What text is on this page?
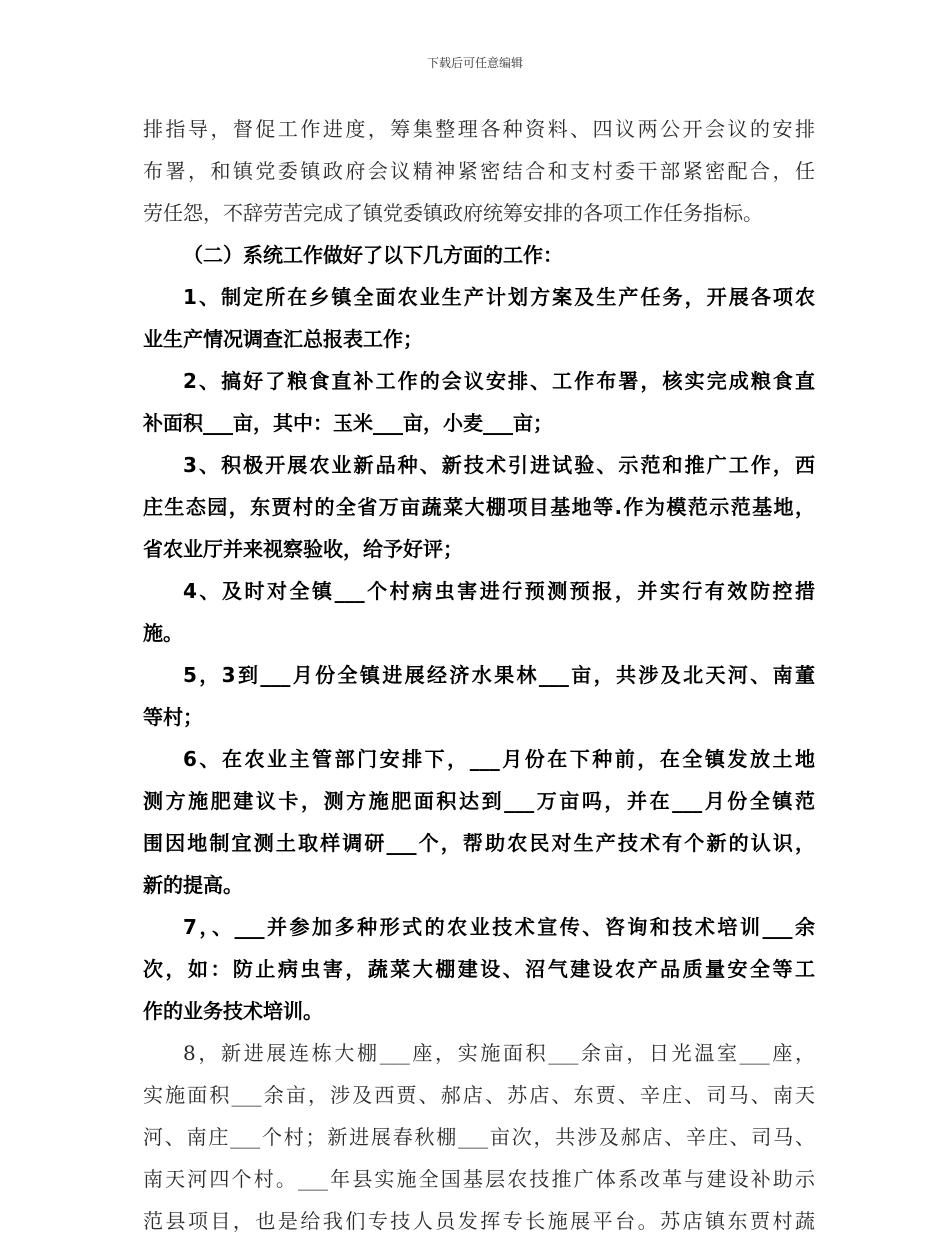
下载后可任意编辑
排指导，督促工作进度，筹集整理各种资料、四议两公开会议的安排
布署，和镇党委镇政府会议精神紧密结合和支村委干部紧密配合，任
劳任怨，不辞劳苦完成了镇党委镇政府统筹安排的各项工作任务指标。
（二）系统工作做好了以下几方面的工作：
1、制定所在乡镇全面农业生产计划方案及生产任务，开展各项农
业生产情况调查汇总报表工作；
2、搞好了粮食直补工作的会议安排、工作布署，核实完成粮食直
补面积___亩，其中：玉米___亩，小麦___亩；
3、积极开展农业新品种、新技术引进试验、示范和推广工作，西
庄生态园，东贾村的全省万亩蔬菜大棚项目基地等.作为模范示范基地，
省农业厅并来视察验收，给予好评；
4、及时对全镇___个村病虫害进行预测预报，并实行有效防控措
施。
5，3到___月份全镇进展经济水果林___亩，共涉及北天河、南董
等村；
6、在农业主管部门安排下，___月份在下种前，在全镇发放土地
测方施肥建议卡，测方施肥面积达到___万亩吗，并在___月份全镇范
围因地制宜测土取样调研___个，帮助农民对生产技术有个新的认识，
新的提高。
7，、___并参加多种形式的农业技术宣传、咨询和技术培训___余
次，如：防止病虫害，蔬菜大棚建设、沼气建设农产品质量安全等工
作的业务技术培训。
8，新进展连栋大棚___座，实施面积___余亩，日光温室___座，
实施面积___余亩，涉及西贾、郝店、苏店、东贾、辛庄、司马、南天
河、南庄___个村；新进展春秋棚___亩次，共涉及郝店、辛庄、司马、
南天河四个村。___年县实施全国基层农技推广体系改革与建设补助示
范县项目，也是给我们专技人员发挥专长施展平台。苏店镇东贾村蔬
